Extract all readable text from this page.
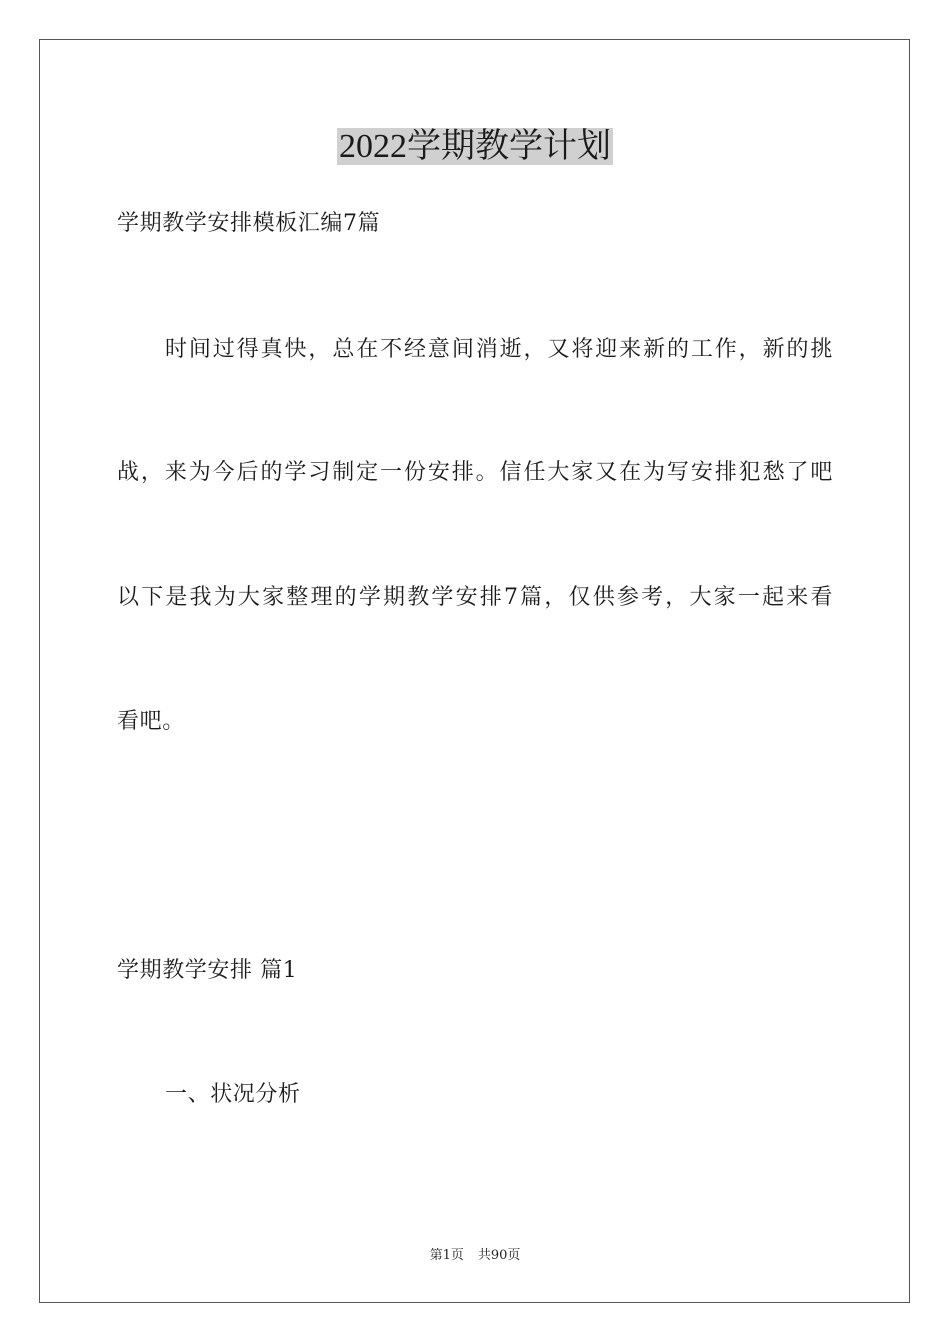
2022学期教学计划
学期教学安排模板汇编7篇
时间过得真快，总在不经意间消逝，又将迎来新的工作，新的挑
战，来为今后的学习制定一份安排。信任大家又在为写安排犯愁了吧
以下是我为大家整理的学期教学安排7篇，仅供参考，大家一起来看
看吧。
学期教学安排 篇1
一、状况分析
第1页 共90页
